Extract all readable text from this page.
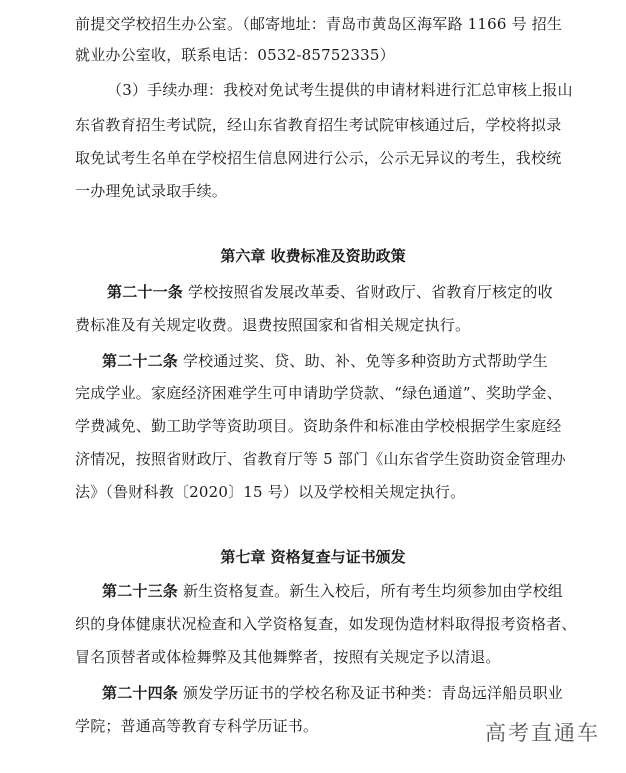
前提交学校招生办公室。（邮寄地址：青岛市黄岛区海军路 1166 号 招生
就业办公室收，联系电话：0532-85752335）
（3）手续办理：我校对免试考生提供的申请材料进行汇总审核上报山
东省教育招生考试院，经山东省教育招生考试院审核通过后，学校将拟录
取免试考生名单在学校招生信息网进行公示，公示无异议的考生，我校统
一办理免试录取手续。
第六章 收费标准及资助政策
第二十一条 学校按照省发展改革委、省财政厅、省教育厅核定的收
费标准及有关规定收费。退费按照国家和省相关规定执行。
第二十二条 学校通过奖、贷、助、补、免等多种资助方式帮助学生
完成学业。家庭经济困难学生可申请助学贷款、“绿色通道”、奖助学金、
学费减免、勤工助学等资助项目。资助条件和标准由学校根据学生家庭经
济情况，按照省财政厅、省教育厅等 5 部门《山东省学生资助资金管理办
法》（鲁财科教〔2020〕15 号）以及学校相关规定执行。
第七章 资格复查与证书颁发
第二十三条 新生资格复查。新生入校后，所有考生均须参加由学校组
织的身体健康状况检查和入学资格复查，如发现伪造材料取得报考资格者、
冒名顶替者或体检舞弊及其他舞弊者，按照有关规定予以清退。
第二十四条 颁发学历证书的学校名称及证书种类：青岛远洋船员职业
学院；普通高等教育专科学历证书。	高考直通车
